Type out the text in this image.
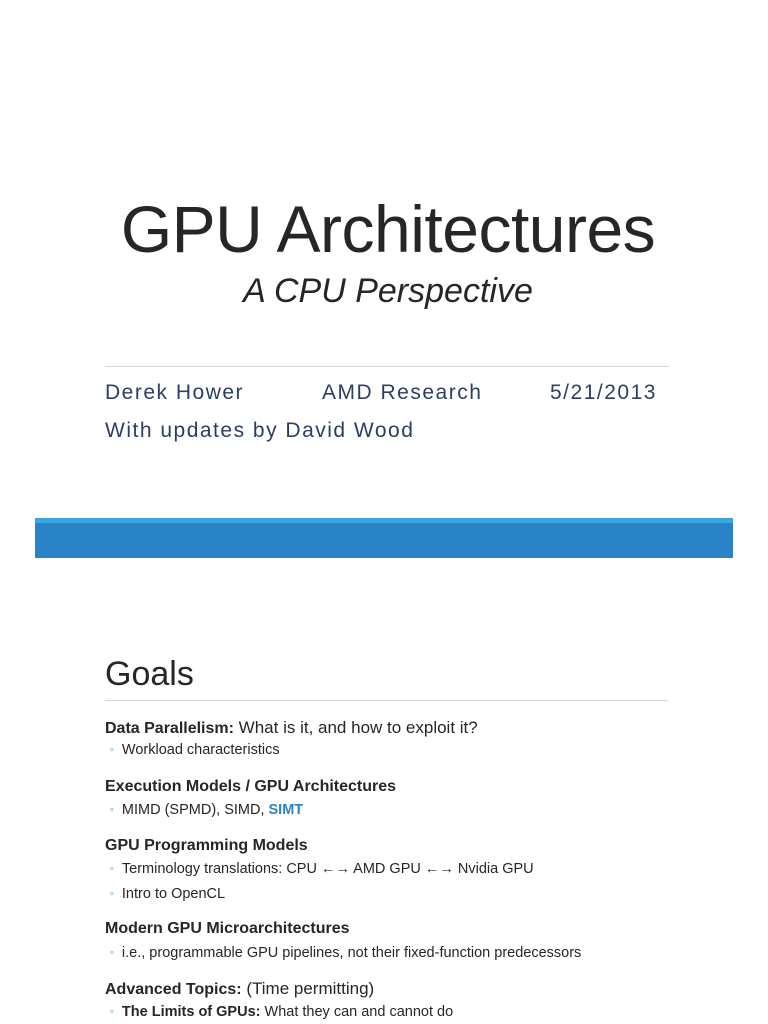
GPU Architectures
A CPU Perspective
Derek Hower	AMD Research	5/21/2013
With updates by David Wood
Goals
Data Parallelism: What is it, and how to exploit it?
◦ Workload characteristics
Execution Models / GPU Architectures
◦ MIMD (SPMD), SIMD, SIMT
GPU Programming Models
◦ Terminology translations: CPU ←→ AMD GPU ←→ Nvidia GPU
◦ Intro to OpenCL
Modern GPU Microarchitectures
◦ i.e., programmable GPU pipelines, not their fixed-function predecessors
Advanced Topics: (Time permitting)
◦ The Limits of GPUs: What they can and cannot do
